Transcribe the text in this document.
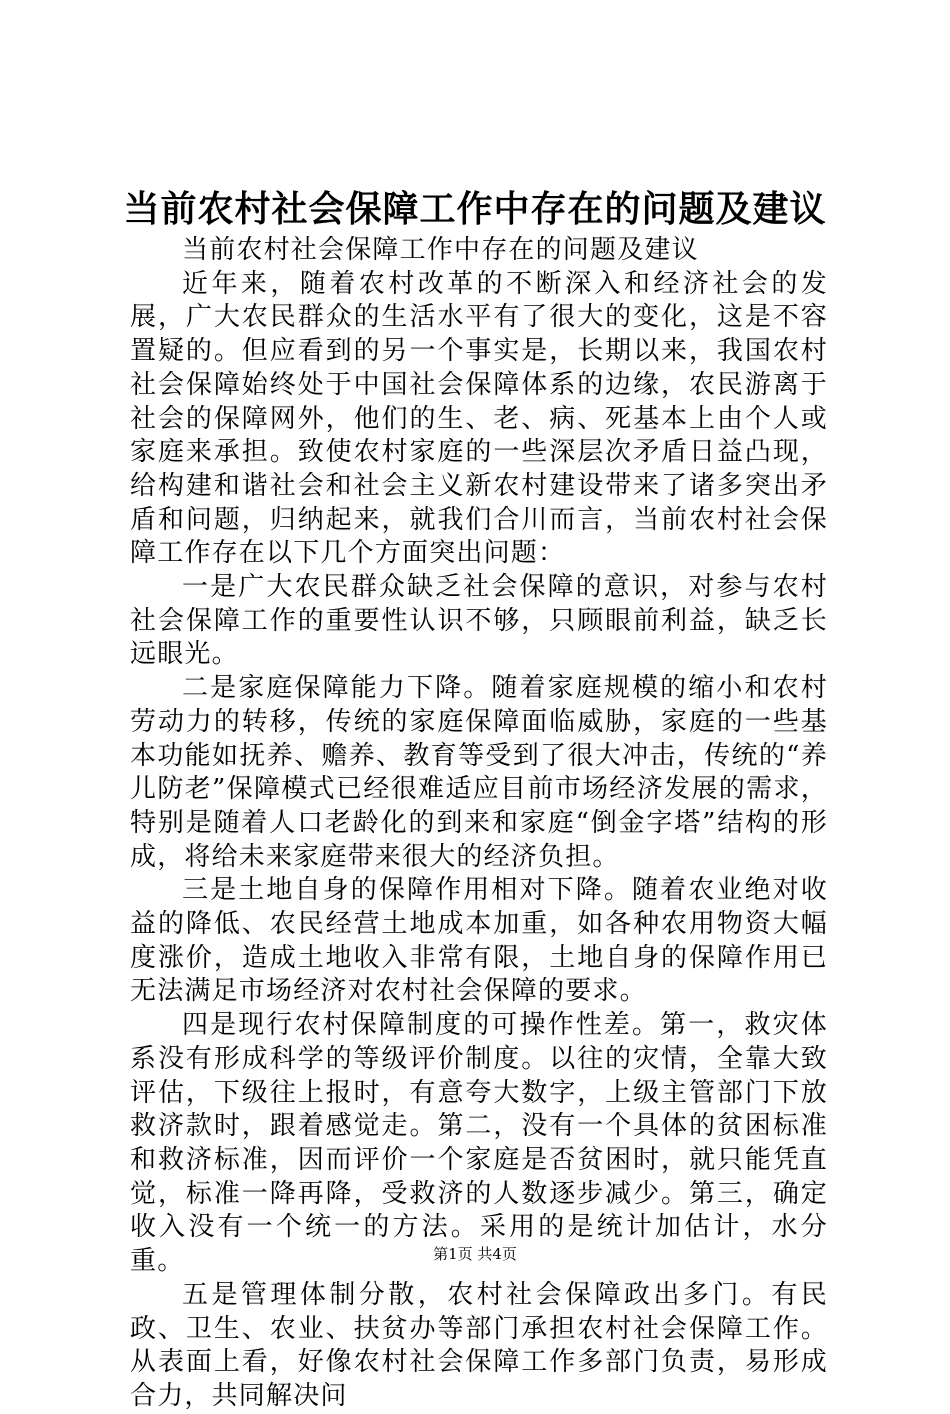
当前农村社会保障工作中存在的问题及建议

当前农村社会保障工作中存在的问题及建议

近年来，随着农村改革的不断深入和经济社会的发展，广大农民群众的生活水平有了很大的变化，这是不容置疑的。但应看到的另一个事实是，长期以来，我国农村社会保障始终处于中国社会保障体系的边缘，农民游离于社会的保障网外，他们的生、老、病、死基本上由个人或家庭来承担。致使农村家庭的一些深层次矛盾日益凸现，给构建和谐社会和社会主义新农村建设带来了诸多突出矛盾和问题，归纳起来，就我们合川而言，当前农村社会保障工作存在以下几个方面突出问题：

一是广大农民群众缺乏社会保障的意识，对参与农村社会保障工作的重要性认识不够，只顾眼前利益，缺乏长远眼光。

二是家庭保障能力下降。随着家庭规模的缩小和农村劳动力的转移，传统的家庭保障面临威胁，家庭的一些基本功能如抚养、赡养、教育等受到了很大冲击，传统的“养儿防老”保障模式已经很难适应目前市场经济发展的需求，特别是随着人口老龄化的到来和家庭“倒金字塔”结构的形成，将给未来家庭带来很大的经济负担。

三是土地自身的保障作用相对下降。随着农业绝对收益的降低、农民经营土地成本加重，如各种农用物资大幅度涨价，造成土地收入非常有限，土地自身的保障作用已无法满足市场经济对农村社会保障的要求。

四是现行农村保障制度的可操作性差。第一，救灾体系没有形成科学的等级评价制度。以往的灾情，全靠大致评估，下级往上报时，有意夸大数字，上级主管部门下放救济款时，跟着感觉走。第二，没有一个具体的贫困标准和救济标准，因而评价一个家庭是否贫困时，就只能凭直觉，标准一降再降，受救济的人数逐步减少。第三，确定收入没有一个统一的方法。采用的是统计加估计，水分重。

五是管理体制分散，农村社会保障政出多门。有民政、卫生、农业、扶贫办等部门承担农村社会保障工作。从表面上看，好像农村社会保障工作多部门负责，易形成合力，共同解决问

第1页 共4页
